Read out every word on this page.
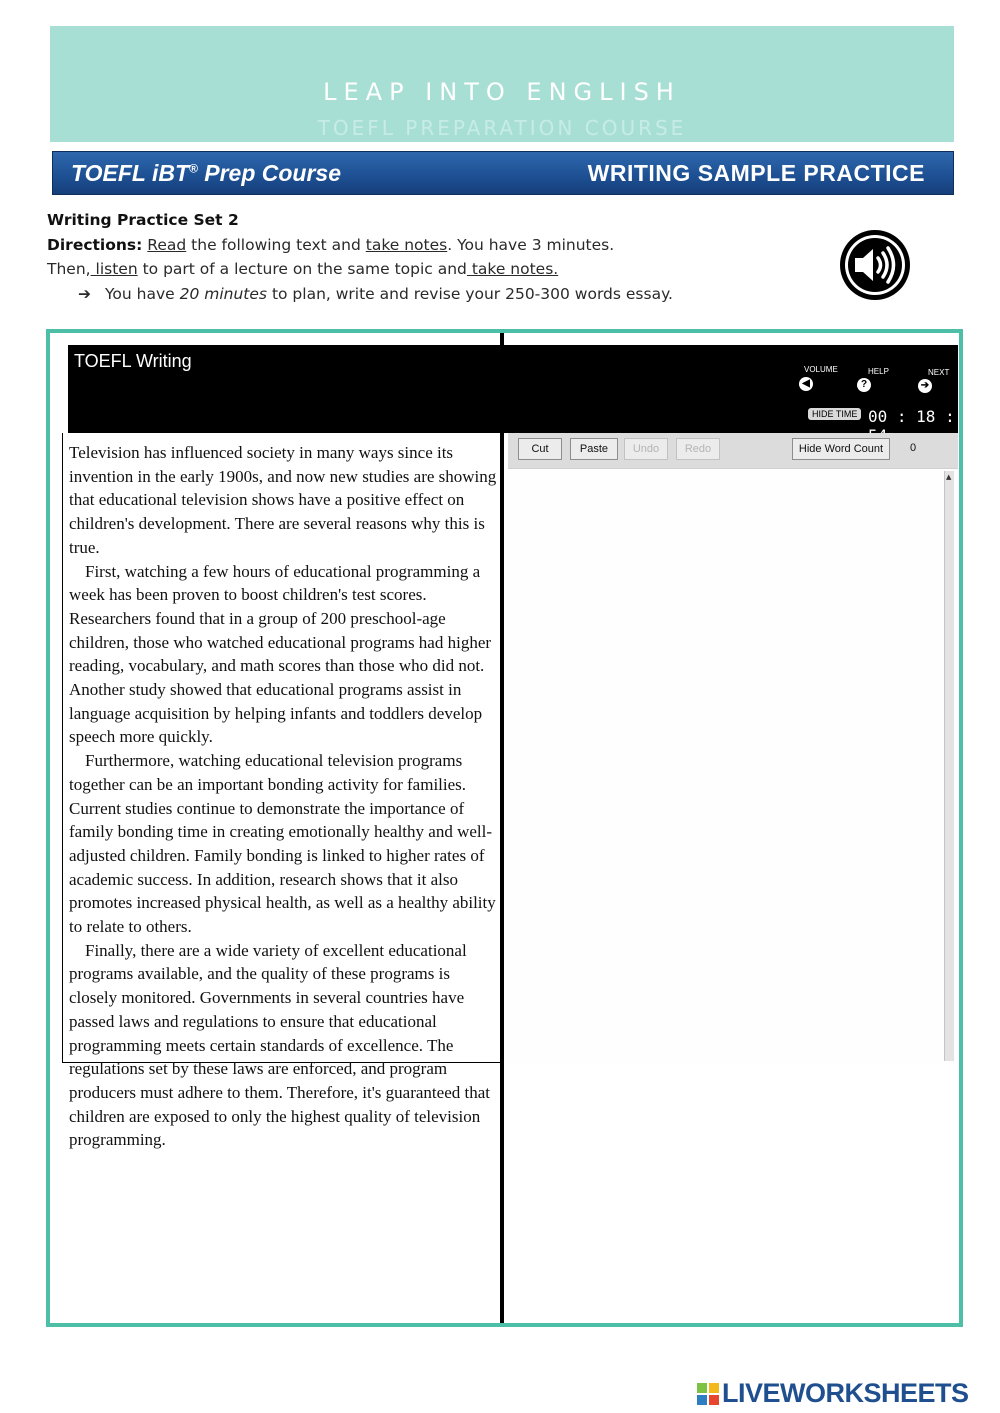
LEAP INTO ENGLISH
TOEFL PREPARATION COURSE
TOEFL iBT® Prep Course	WRITING SAMPLE PRACTICE
Writing Practice Set 2
Directions: Read the following text and take notes. You have 3 minutes.
Then, listen to part of a lecture on the same topic and take notes.
➔ You have 20 minutes to plan, write and revise your 250-300 words essay.
TOEFL Writing	VOLUME
◀
HELP
?
NEXT
➔
HIDE TIME 00 : 18 :

Television has influenced society in many ways since its invention in the early 1900s, and now new studies are showing that educational television shows have a positive effect on children's development. There are several reasons why this is true.

First, watching a few hours of educational programming a week has been proven to boost children's test scores. Researchers found that in a group of 200 preschool-age children, those who watched educational programs had higher reading, vocabulary, and math scores than those who did not. Another study showed that educational programs assist in language acquisition by helping infants and toddlers develop speech more quickly.

Furthermore, watching educational television programs together can be an important bonding activity for families. Current studies continue to demonstrate the importance of family bonding time in creating emotionally healthy and well-adjusted children. Family bonding is linked to higher rates of academic success. In addition, research shows that it also promotes increased physical health, as well as a healthy ability to relate to others.

Finally, there are a wide variety of excellent educational programs available, and the quality of these programs is closely monitored. Governments in several countries have passed laws and regulations to ensure that educational programming meets certain standards of excellence. The regulations set by these laws are enforced, and program producers must adhere to them. Therefore, it's guaranteed that children are exposed to only the highest quality of television programming.

Cut	Paste	Undo	Redo	Hide Word Count	0
▲
LIVEWORKSHEETS
